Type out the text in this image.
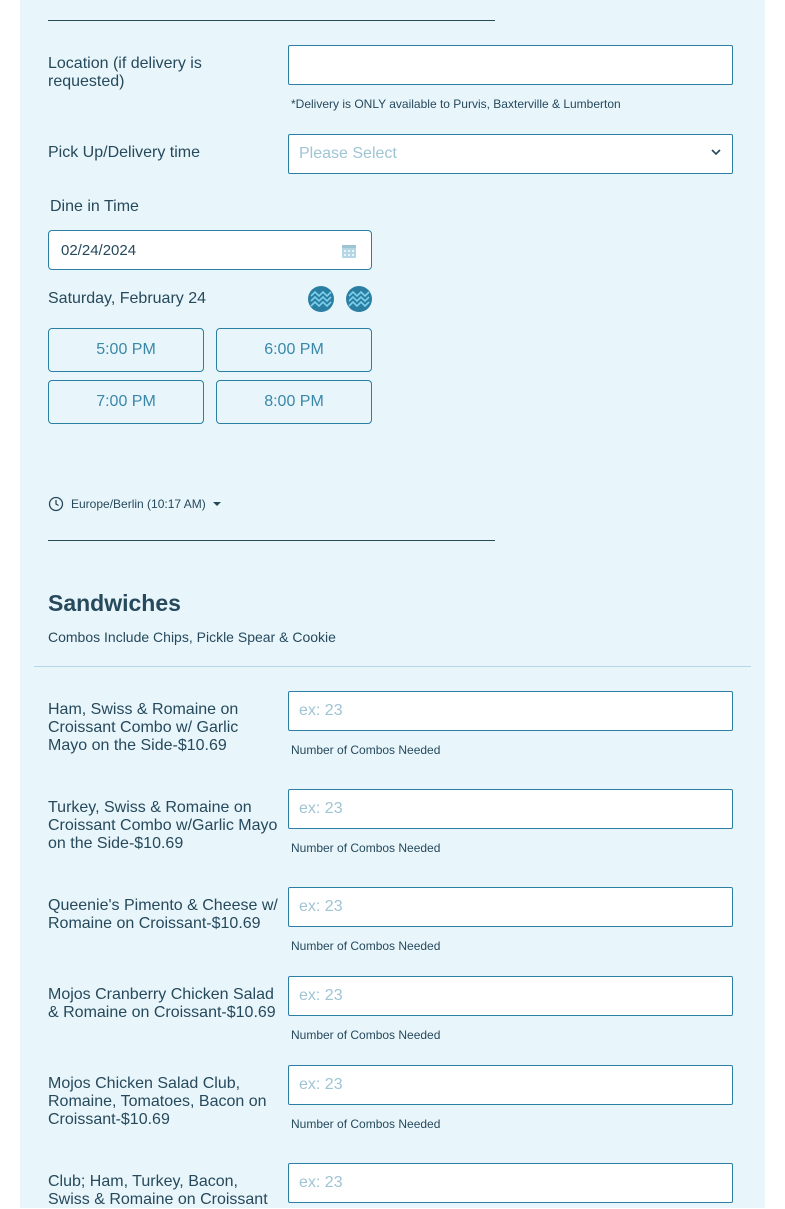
Location (if delivery is requested)
*Delivery is ONLY available to Purvis, Baxterville & Lumberton
Pick Up/Delivery time	Please Select
Dine in Time
02/24/2024
Saturday, February 24
5:00 PM	6:00 PM
7:00 PM	8:00 PM
Europe/Berlin (10:17 AM)
Sandwiches
Combos Include Chips, Pickle Spear & Cookie
Ham, Swiss & Romaine on Croissant Combo w/ Garlic Mayo on the Side-$10.69
ex: 23	Number of Combos Needed
Turkey, Swiss & Romaine on Croissant Combo w/Garlic Mayo on the Side-$10.69
ex: 23	Number of Combos Needed
Queenie's Pimento & Cheese w/ Romaine on Croissant-$10.69
ex: 23
Number of Combos Needed
Mojos Cranberry Chicken Salad & Romaine on Croissant-$10.69
ex: 23
Number of Combos Needed
Mojos Chicken Salad Club, Romaine, Tomatoes, Bacon on Croissant-$10.69
ex: 23	Number of Combos Needed
Club; Ham, Turkey, Bacon, Swiss & Romaine on Croissant
ex: 23
